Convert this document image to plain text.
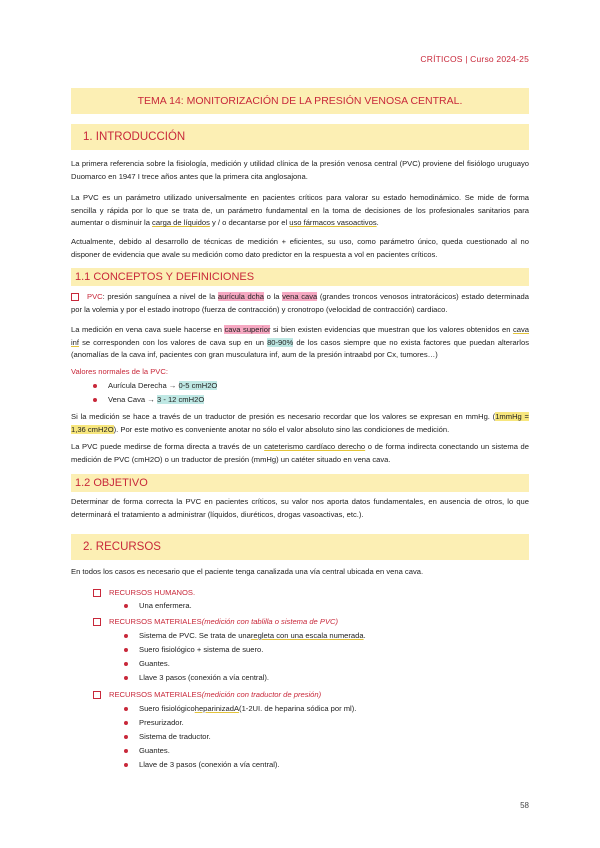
CRÍTICOS | Curso 2024-25
TEMA 14: MONITORIZACIÓN DE LA PRESIÓN VENOSA CENTRAL.
1. INTRODUCCIÓN
La primera referencia sobre la fisiología, medición y utilidad clínica de la presión venosa central (PVC) proviene del fisiólogo uruguayo Duomarco en 1947 I trece años antes que la primera cita anglosajona.
La PVC es un parámetro utilizado universalmente en pacientes críticos para valorar su estado hemodinámico. Se mide de forma sencilla y rápida por lo que se trata de, un parámetro fundamental en la toma de decisiones de los profesionales sanitarios para aumentar o disminuir la carga de líquidos y / o decantarse por el uso fármacos vasoactivos.
Actualmente, debido al desarrollo de técnicas de medición + eficientes, su uso, como parámetro único, queda cuestionado al no disponer de evidencia que avale su medición como dato predictor en la respuesta a vol en pacientes críticos.
1.1 CONCEPTOS Y DEFINICIONES
PVC: presión sanguínea a nivel de la aurícula dcha o la vena cava (grandes troncos venosos intratorácicos) estado determinada por la volemia y por el estado inotropo (fuerza de contracción) y cronotropo (velocidad de contracción) cardiaco.
La medición en vena cava suele hacerse en cava superior si bien existen evidencias que muestran que los valores obtenidos en cava inf se corresponden con los valores de cava sup en un 80-90% de los casos siempre que no exista factores que puedan alterarlos (anomalías de la cava inf, pacientes con gran musculatura inf, aum de la presión intraabd por Cx, tumores…)
Valores normales de la PVC:
Aurícula Derecha →
0-5 cmH2O
Vena Cava →
3 - 12 cmH2O
Si la medición se hace a través de un traductor de presión es necesario recordar que los valores se expresan en mmHg. (1mmHg = 1,36 cmH2O). Por este motivo es conveniente anotar no sólo el valor absoluto sino las condiciones de medición.
La PVC puede medirse de forma directa a través de un cateterismo cardíaco derecho o de forma indirecta conectando un sistema de medición de PVC (cmH2O) o un traductor de presión (mmHg) un catéter situado en vena cava.
1.2 OBJETIVO
Determinar de forma correcta la PVC en pacientes críticos, su valor nos aporta datos fundamentales, en ausencia de otros, lo que determinará el tratamiento a administrar (líquidos, diuréticos, drogas vasoactivas, etc.).
2. RECURSOS
En todos los casos es necesario que el paciente tenga canalizada una vía central ubicada en vena cava.
RECURSOS HUMANOS.
Una enfermera.
RECURSOS MATERIALES (medición con tablilla o sistema de PVC)
Sistema de PVC. Se trata de una regleta con una escala numerada .
Suero fisiológico + sistema de suero.
Guantes.
Llave 3 pasos (conexión a vía central).
RECURSOS MATERIALES (medición con traductor de presión)
Suero fisiológico heparinizadA (1-2UI. de heparina sódica por ml).
Presurizador.
Sistema de traductor.
Guantes.
Llave de 3 pasos (conexión a vía central).
58
